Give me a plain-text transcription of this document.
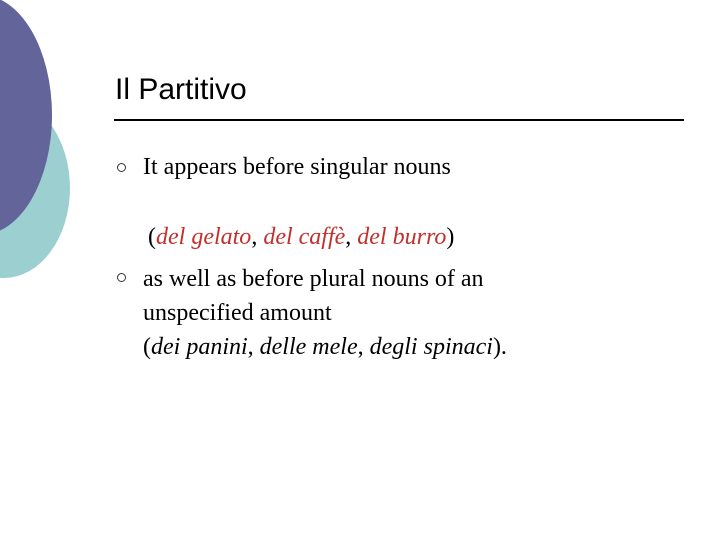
Il Partitivo
It appears before singular nouns
(del gelato, del caffè, del burro)
as well as before plural nouns of an
unspecified amount
(dei panini, delle mele, degli spinaci).
